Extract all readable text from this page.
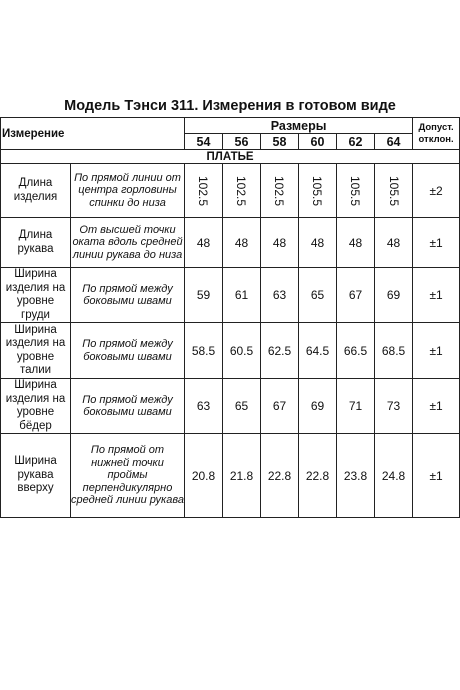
Модель Тэнси 311. Измерения в готовом виде
Измерение		Размеры						Допуст.
отклон.

		54	56	58	60	62	64	
ПЛАТЬЕ								
Длина изделия	По прямой линии от центра горловины спинки до низа	102.5	102.5	102.5	105.5	105.5	105.5	±2
Длина рукава	От высшей точки оката вдоль средней линии рукава до низа	48	48	48	48	48	48	±1
Ширина изделия на уровне груди	По прямой между боковыми швами	59	61	63	65	67	69	±1
Ширина изделия на уровне талии	По прямой между боковыми швами	58.5	60.5	62.5	64.5	66.5	68.5	±1
Ширина изделия на уровне бёдер	По прямой между боковыми швами	63	65	67	69	71	73	±1
Ширина рукава вверху	По прямой от нижней точки проймы перпендикулярно средней линии рукава	20.8	21.8	22.8	22.8	23.8	24.8	±1
